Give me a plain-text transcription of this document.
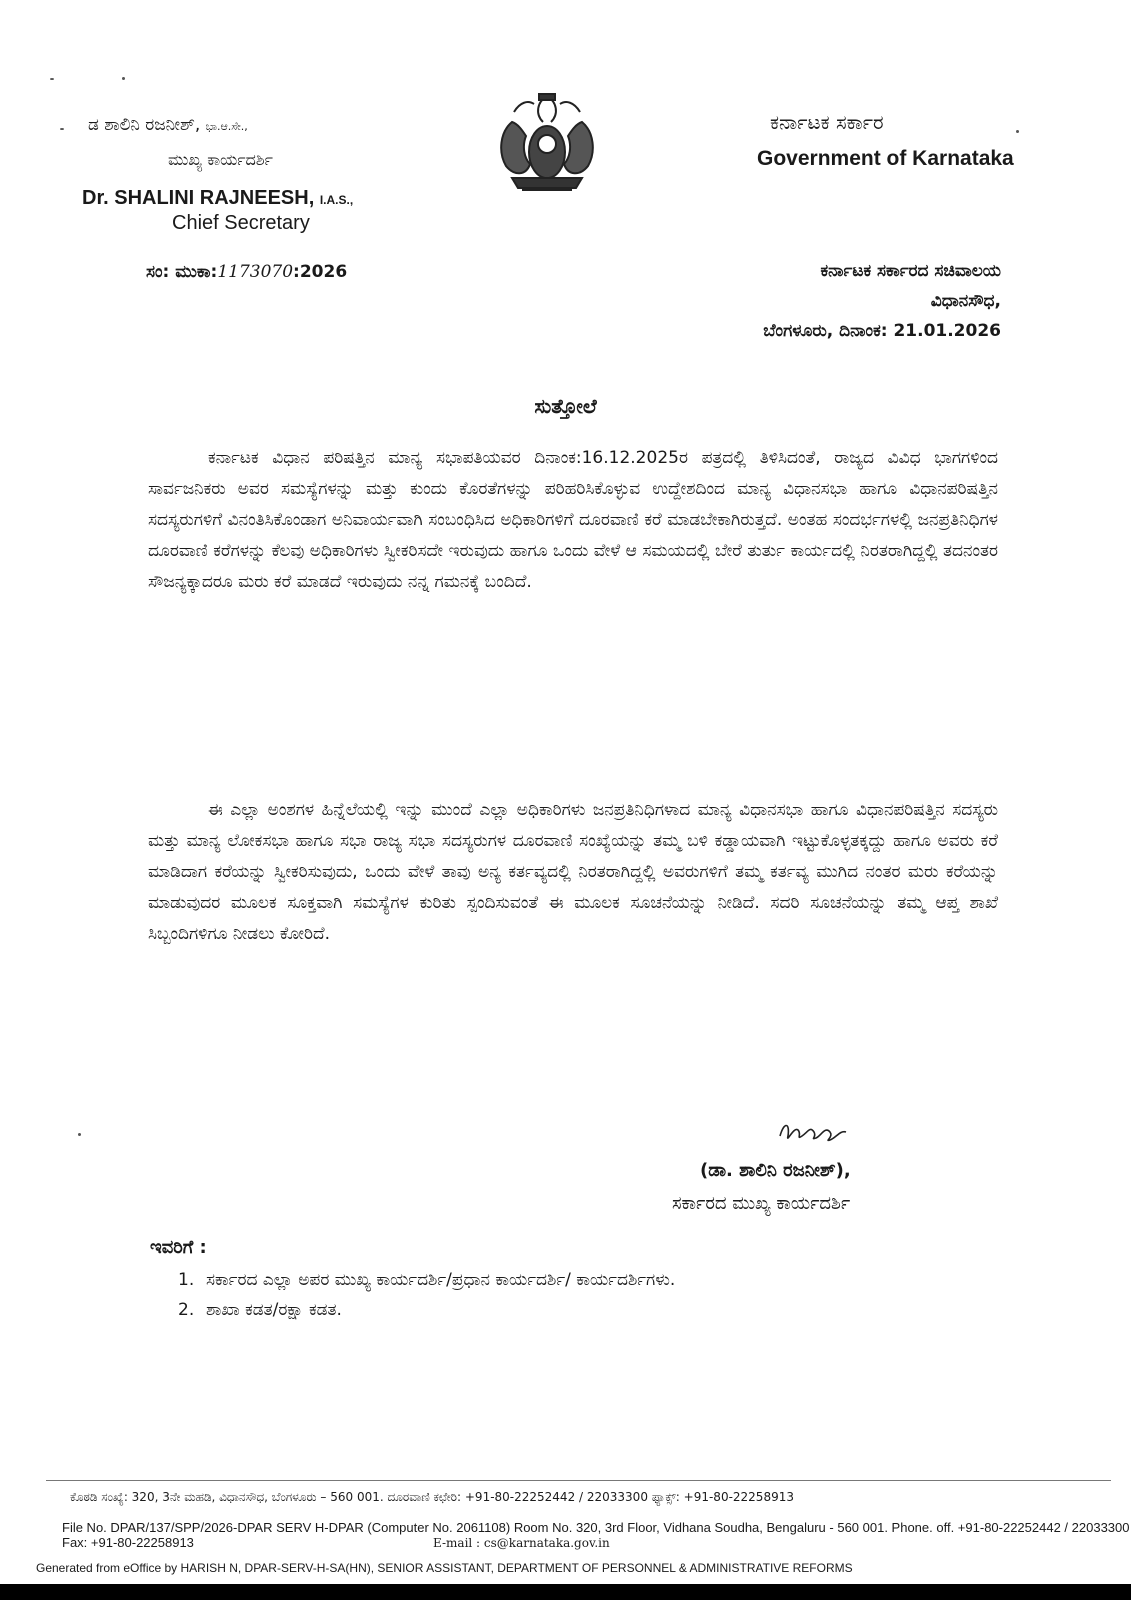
ಡ ಶಾಲಿನಿ ರಜನೀಶ್, ಭಾ.ಆ.ಸೇ.,
ಮುಖ್ಯ ಕಾರ್ಯದರ್ಶಿ
Dr. SHALINI RAJNEESH, I.A.S.,
Chief Secretary
ಸಂ: ಮುಕಾ:1173070:2026
ಕರ್ನಾಟಕ ಸರ್ಕಾರ
Government of Karnataka
ಕರ್ನಾಟಕ ಸರ್ಕಾರದ ಸಚಿವಾಲಯ
ವಿಧಾನಸೌಧ,
ಬೆಂಗಳೂರು, ದಿನಾಂಕ: 21.01.2026
ಸುತ್ತೋಲೆ

ಕರ್ನಾಟಕ ವಿಧಾನ ಪರಿಷತ್ತಿನ ಮಾನ್ಯ ಸಭಾಪತಿಯವರ ದಿನಾಂಕ:16.12.2025ರ ಪತ್ರದಲ್ಲಿ ತಿಳಿಸಿದಂತೆ, ರಾಜ್ಯದ ವಿವಿಧ ಭಾಗಗಳಿಂದ ಸಾರ್ವಜನಿಕರು ಅವರ ಸಮಸ್ಯೆಗಳನ್ನು ಮತ್ತು ಕುಂದು ಕೊರತೆಗಳನ್ನು ಪರಿಹರಿಸಿಕೊಳ್ಳುವ ಉದ್ದೇಶದಿಂದ ಮಾನ್ಯ ವಿಧಾನಸಭಾ ಹಾಗೂ ವಿಧಾನಪರಿಷತ್ತಿನ ಸದಸ್ಯರುಗಳಿಗೆ ವಿನಂತಿಸಿಕೊಂಡಾಗ ಅನಿವಾರ್ಯವಾಗಿ ಸಂಬಂಧಿಸಿದ ಅಧಿಕಾರಿಗಳಿಗೆ ದೂರವಾಣಿ ಕರೆ ಮಾಡಬೇಕಾಗಿರುತ್ತದೆ. ಅಂತಹ ಸಂದರ್ಭಗಳಲ್ಲಿ ಜನಪ್ರತಿನಿಧಿಗಳ ದೂರವಾಣಿ ಕರೆಗಳನ್ನು ಕೆಲವು ಅಧಿಕಾರಿಗಳು ಸ್ವೀಕರಿಸದೇ ಇರುವುದು ಹಾಗೂ ಒಂದು ವೇಳೆ ಆ ಸಮಯದಲ್ಲಿ ಬೇರೆ ತುರ್ತು ಕಾರ್ಯದಲ್ಲಿ ನಿರತರಾಗಿದ್ದಲ್ಲಿ ತದನಂತರ ಸೌಜನ್ಯಕ್ಕಾದರೂ ಮರು ಕರೆ ಮಾಡದೆ ಇರುವುದು ನನ್ನ ಗಮನಕ್ಕೆ ಬಂದಿದೆ.

ಈ ಎಲ್ಲಾ ಅಂಶಗಳ ಹಿನ್ನೆಲೆಯಲ್ಲಿ ಇನ್ನು ಮುಂದೆ ಎಲ್ಲಾ ಅಧಿಕಾರಿಗಳು ಜನಪ್ರತಿನಿಧಿಗಳಾದ ಮಾನ್ಯ ವಿಧಾನಸಭಾ ಹಾಗೂ ವಿಧಾನಪರಿಷತ್ತಿನ ಸದಸ್ಯರು ಮತ್ತು ಮಾನ್ಯ ಲೋಕಸಭಾ ಹಾಗೂ ಸಭಾ ರಾಜ್ಯ ಸಭಾ ಸದಸ್ಯರುಗಳ ದೂರವಾಣಿ ಸಂಖ್ಯೆಯನ್ನು ತಮ್ಮ ಬಳಿ ಕಡ್ಡಾಯವಾಗಿ ಇಟ್ಟುಕೊಳ್ಳತಕ್ಕದ್ದು ಹಾಗೂ ಅವರು ಕರೆ ಮಾಡಿದಾಗ ಕರೆಯನ್ನು ಸ್ವೀಕರಿಸುವುದು, ಒಂದು ವೇಳೆ ತಾವು ಅನ್ಯ ಕರ್ತವ್ಯದಲ್ಲಿ ನಿರತರಾಗಿದ್ದಲ್ಲಿ ಅವರುಗಳಿಗೆ ತಮ್ಮ ಕರ್ತವ್ಯ ಮುಗಿದ ನಂತರ ಮರು ಕರೆಯನ್ನು ಮಾಡುವುದರ ಮೂಲಕ ಸೂಕ್ತವಾಗಿ ಸಮಸ್ಯೆಗಳ ಕುರಿತು ಸ್ಪಂದಿಸುವಂತೆ ಈ ಮೂಲಕ ಸೂಚನೆಯನ್ನು ನೀಡಿದೆ. ಸದರಿ ಸೂಚನೆಯನ್ನು ತಮ್ಮ ಆಪ್ತ ಶಾಖೆ ಸಿಬ್ಬಂದಿಗಳಿಗೂ ನೀಡಲು ಕೋರಿದೆ.

(ಡಾ. ಶಾಲಿನಿ ರಜನೀಶ್),
ಸರ್ಕಾರದ ಮುಖ್ಯ ಕಾರ್ಯದರ್ಶಿ
ಇವರಿಗೆ :
1. ಸರ್ಕಾರದ ಎಲ್ಲಾ ಅಪರ ಮುಖ್ಯ ಕಾರ್ಯದರ್ಶಿ/ಪ್ರಧಾನ ಕಾರ್ಯದರ್ಶಿ/ ಕಾರ್ಯದರ್ಶಿಗಳು.
2. ಶಾಖಾ ಕಡತ/ರಕ್ಷಾ ಕಡತ.
ಕೊಠಡಿ ಸಂಖ್ಯೆ: 320, 3ನೇ ಮಹಡಿ, ವಿಧಾನಸೌಧ, ಬೆಂಗಳೂರು – 560 001. ದೂರವಾಣಿ ಕಛೇರಿ: +91-80-22252442 / 22033300 ಫ್ಯಾಕ್ಸ್: +91-80-22258913
File No. DPAR/137/SPP/2026-DPAR SERV H-DPAR (Computer No. 2061108) Room No. 320, 3rd Floor, Vidhana Soudha, Bengaluru - 560 001. Phone. off. +91-80-22252442 / 22033300 Fax: +91-80-22258913	E-mail : cs@karnataka.gov.in
Generated from eOffice by HARISH N, DPAR-SERV-H-SA(HN), SENIOR ASSISTANT, DEPARTMENT OF PERSONNEL & ADMINISTRATIVE REFORMS
